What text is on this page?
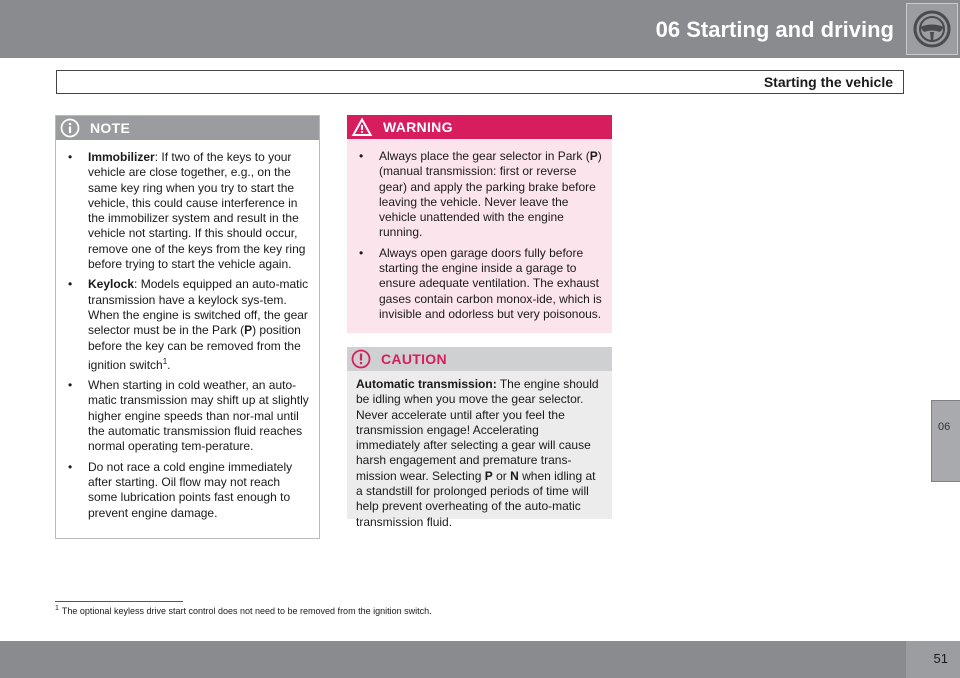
06 Starting and driving
Starting the vehicle
06
NOTE
• Immobilizer: If two of the keys to your vehicle are close together, e.g., on the same key ring when you try to start the vehicle, this could cause interference in the immobilizer system and result in the vehicle not starting. If this should occur, remove one of the keys from the key ring before trying to start the vehicle again.
• Keylock: Models equipped an auto-matic transmission have a keylock sys-tem. When the engine is switched off, the gear selector must be in the Park (P) position before the key can be removed from the ignition switch$^1$.
• When starting in cold weather, an auto-matic transmission may shift up at slightly higher engine speeds than nor-mal until the automatic transmission fluid reaches normal operating tem-perature.
• Do not race a cold engine immediately after starting. Oil flow may not reach some lubrication points fast enough to prevent engine damage.
WARNING
• Always place the gear selector in Park (P) (manual transmission: first or reverse gear) and apply the parking brake before leaving the vehicle. Never leave the vehicle unattended with the engine running.
• Always open garage doors fully before starting the engine inside a garage to ensure adequate ventilation. The exhaust gases contain carbon monox-ide, which is invisible and odorless but very poisonous.
CAUTION
Automatic transmission: The engine should be idling when you move the gear selector. Never accelerate until after you feel the transmission engage! Accelerating immediately after selecting a gear will cause harsh engagement and premature trans-mission wear. Selecting P or N when idling at a standstill for prolonged periods of time will help prevent overheating of the auto-matic transmission fluid.
$^1$ The optional keyless drive start control does not need to be removed from the ignition switch.
51
